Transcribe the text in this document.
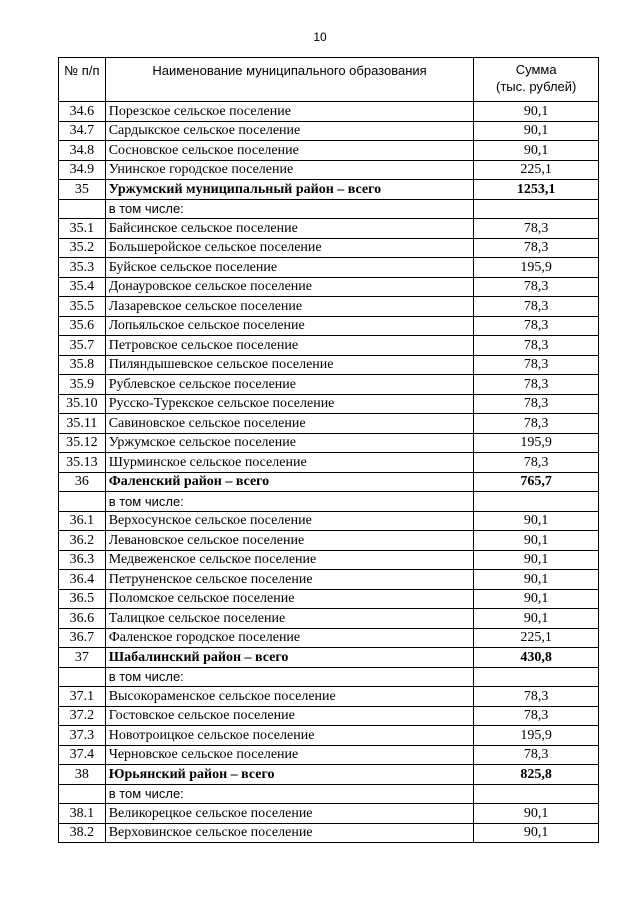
10
№ п/п	Наименование муниципального образования	Сумма
(тыс. рублей)
34.6	Порезское сельское поселение	90,1
34.7	Сардыкское сельское поселение	90,1
34.8	Сосновское сельское поселение	90,1
34.9	Унинское городское поселение	225,1
35	Уржумский муниципальный район – всего	1253,1
	в том числе:	
35.1	Байсинское сельское поселение	78,3
35.2	Большеройское сельское поселение	78,3
35.3	Буйское сельское поселение	195,9
35.4	Донауровское сельское поселение	78,3
35.5	Лазаревское сельское поселение	78,3
35.6	Лопьяльское сельское поселение	78,3
35.7	Петровское сельское поселение	78,3
35.8	Пиляндышевское сельское поселение	78,3
35.9	Рублевское сельское поселение	78,3
35.10	Русско-Турекское сельское поселение	78,3
35.11	Савиновское сельское поселение	78,3
35.12	Уржумское сельское поселение	195,9
35.13	Шурминское сельское поселение	78,3
36	Фаленский район – всего	765,7
	в том числе:	
36.1	Верхосунское сельское поселение	90,1
36.2	Левановское сельское поселение	90,1
36.3	Медвеженское сельское поселение	90,1
36.4	Петруненское сельское поселение	90,1
36.5	Поломское сельское поселение	90,1
36.6	Талицкое сельское поселение	90,1
36.7	Фаленское городское поселение	225,1
37	Шабалинский район – всего	430,8
	в том числе:	
37.1	Высокораменское сельское поселение	78,3
37.2	Гостовское сельское поселение	78,3
37.3	Новотроицкое сельское поселение	195,9
37.4	Черновское сельское поселение	78,3
38	Юрьянский район – всего	825,8
	в том числе:	
38.1	Великорецкое сельское поселение	90,1
38.2	Верховинское сельское поселение	90,1
